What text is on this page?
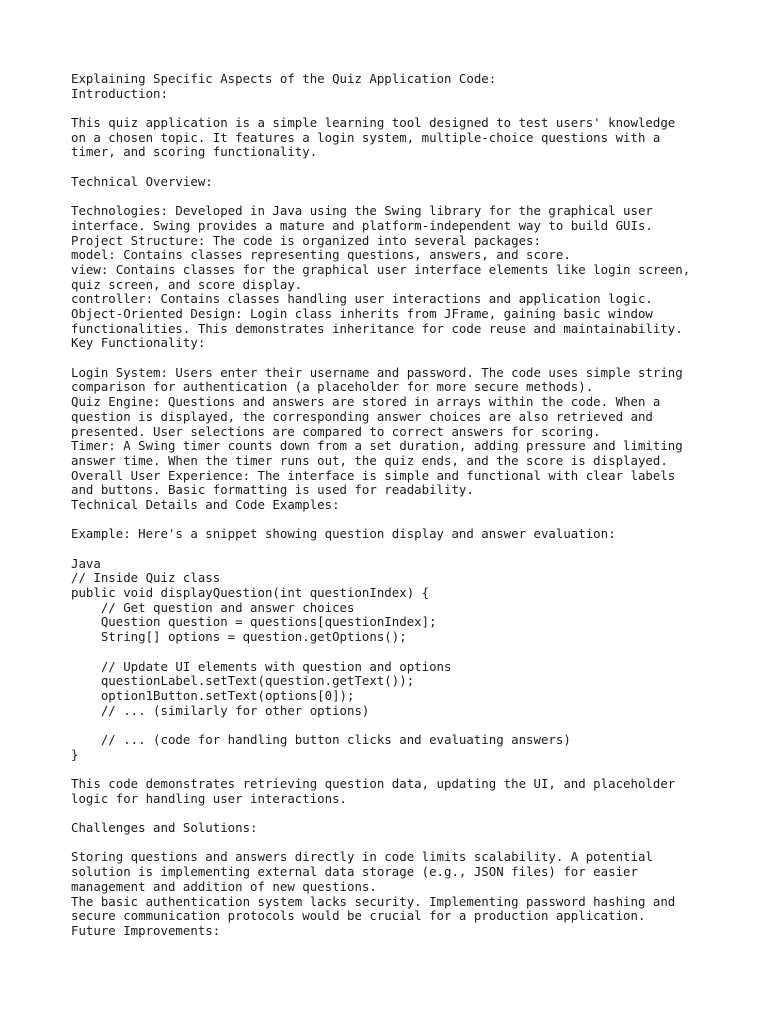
Explaining Specific Aspects of the Quiz Application Code:
Introduction:
This quiz application is a simple learning tool designed to test users' knowledge
on a chosen topic. It features a login system, multiple-choice questions with a
timer, and scoring functionality.
Technical Overview:
Technologies: Developed in Java using the Swing library for the graphical user
interface. Swing provides a mature and platform-independent way to build GUIs.
Project Structure: The code is organized into several packages:
model: Contains classes representing questions, answers, and score.
view: Contains classes for the graphical user interface elements like login screen,
quiz screen, and score display.
controller: Contains classes handling user interactions and application logic.
Object-Oriented Design: Login class inherits from JFrame, gaining basic window
functionalities. This demonstrates inheritance for code reuse and maintainability.
Key Functionality:
Login System: Users enter their username and password. The code uses simple string
comparison for authentication (a placeholder for more secure methods).
Quiz Engine: Questions and answers are stored in arrays within the code. When a
question is displayed, the corresponding answer choices are also retrieved and
presented. User selections are compared to correct answers for scoring.
Timer: A Swing timer counts down from a set duration, adding pressure and limiting
answer time. When the timer runs out, the quiz ends, and the score is displayed.
Overall User Experience: The interface is simple and functional with clear labels
and buttons. Basic formatting is used for readability.
Technical Details and Code Examples:
Example: Here's a snippet showing question display and answer evaluation:
Java
// Inside Quiz class
public void displayQuestion(int questionIndex) {
// Get question and answer choices
Question question = questions[questionIndex];
String[] options = question.getOptions();
// Update UI elements with question and options
questionLabel.setText(question.getText());
option1Button.setText(options[0]);
// ... (similarly for other options)
// ... (code for handling button clicks and evaluating answers)
}
This code demonstrates retrieving question data, updating the UI, and placeholder
logic for handling user interactions.
Challenges and Solutions:
Storing questions and answers directly in code limits scalability. A potential
solution is implementing external data storage (e.g., JSON files) for easier
management and addition of new questions.
The basic authentication system lacks security. Implementing password hashing and
secure communication protocols would be crucial for a production application.
Future Improvements:
